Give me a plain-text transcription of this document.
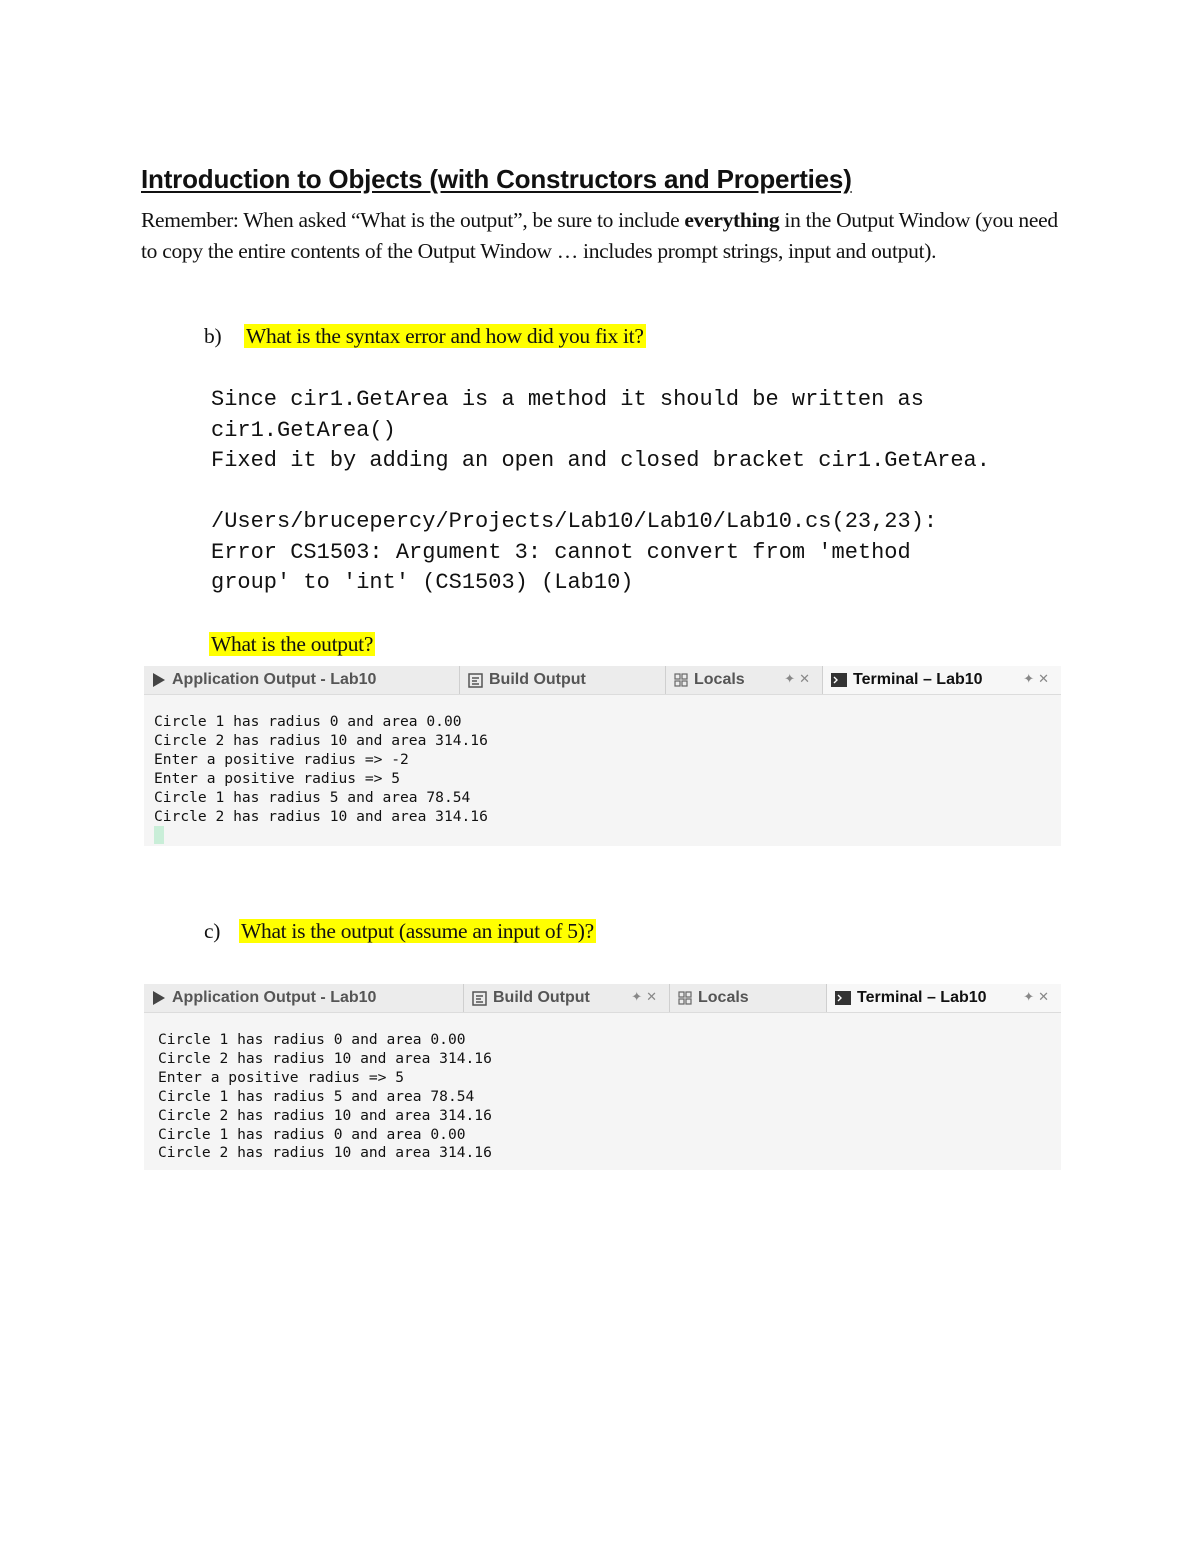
Introduction to Objects (with Constructors and Properties)

Remember: When asked “What is the output”, be sure to include everything in the Output Window (you need to copy the entire contents of the Output Window … includes prompt strings, input and output).

b) What is the syntax error and how did you fix it?
Since cir1.GetArea is a method it should be written as
cir1.GetArea()
Fixed it by adding an open and closed bracket cir1.GetArea.
/Users/brucepercy/Projects/Lab10/Lab10/Lab10.cs(23,23):
Error CS1503: Argument 3: cannot convert from 'method
group' to 'int' (CS1503) (Lab10)
What is the output?
Application Output - Lab10	Build Output	Locals	✦✕ Terminal – Lab10	✦✕
Circle 1 has radius 0 and area 0.00
Circle 2 has radius 10 and area 314.16
Enter a positive radius => -2
Enter a positive radius => 5
Circle 1 has radius 5 and area 78.54
Circle 2 has radius 10 and area 314.16
c) What is the output (assume an input of 5)?
Application Output - Lab10	Build Output	✦✕ Locals	Terminal – Lab10	✦✕
Circle 1 has radius 0 and area 0.00
Circle 2 has radius 10 and area 314.16
Enter a positive radius => 5
Circle 1 has radius 5 and area 78.54
Circle 2 has radius 10 and area 314.16
Circle 1 has radius 0 and area 0.00
Circle 2 has radius 10 and area 314.16
